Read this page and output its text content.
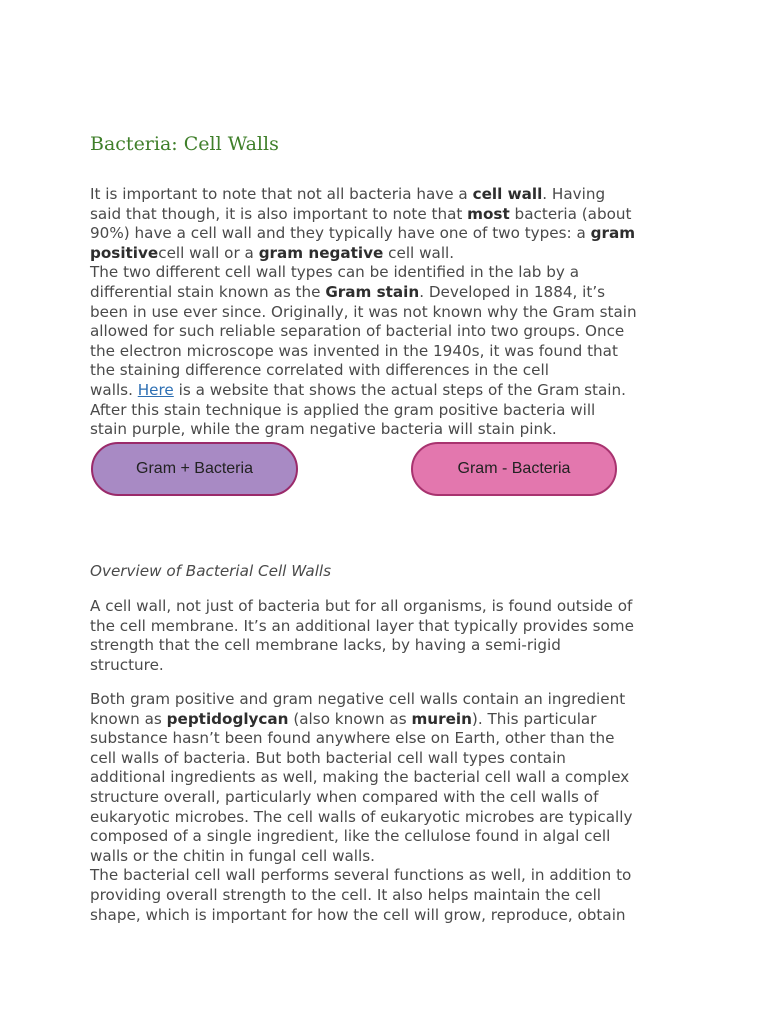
Bacteria: Cell Walls

It is important to note that not all bacteria have a cell wall. Having
said that though, it is also important to note that most bacteria (about
90%) have a cell wall and they typically have one of two types: a gram
positivecell wall or a gram negative cell wall.
The two different cell wall types can be identified in the lab by a
differential stain known as the Gram stain. Developed in 1884, it’s
been in use ever since. Originally, it was not known why the Gram stain
allowed for such reliable separation of bacterial into two groups. Once
the electron microscope was invented in the 1940s, it was found that
the staining difference correlated with differences in the cell
walls. Here is a website that shows the actual steps of the Gram stain.
After this stain technique is applied the gram positive bacteria will
stain purple, while the gram negative bacteria will stain pink.

Gram + Bacteria	Gram - Bacteria

Overview of Bacterial Cell Walls

A cell wall, not just of bacteria but for all organisms, is found outside of
the cell membrane. It’s an additional layer that typically provides some
strength that the cell membrane lacks, by having a semi-rigid
structure.

Both gram positive and gram negative cell walls contain an ingredient
known as peptidoglycan (also known as murein). This particular
substance hasn’t been found anywhere else on Earth, other than the
cell walls of bacteria. But both bacterial cell wall types contain
additional ingredients as well, making the bacterial cell wall a complex
structure overall, particularly when compared with the cell walls of
eukaryotic microbes. The cell walls of eukaryotic microbes are typically
composed of a single ingredient, like the cellulose found in algal cell
walls or the chitin in fungal cell walls.
The bacterial cell wall performs several functions as well, in addition to
providing overall strength to the cell. It also helps maintain the cell
shape, which is important for how the cell will grow, reproduce, obtain
